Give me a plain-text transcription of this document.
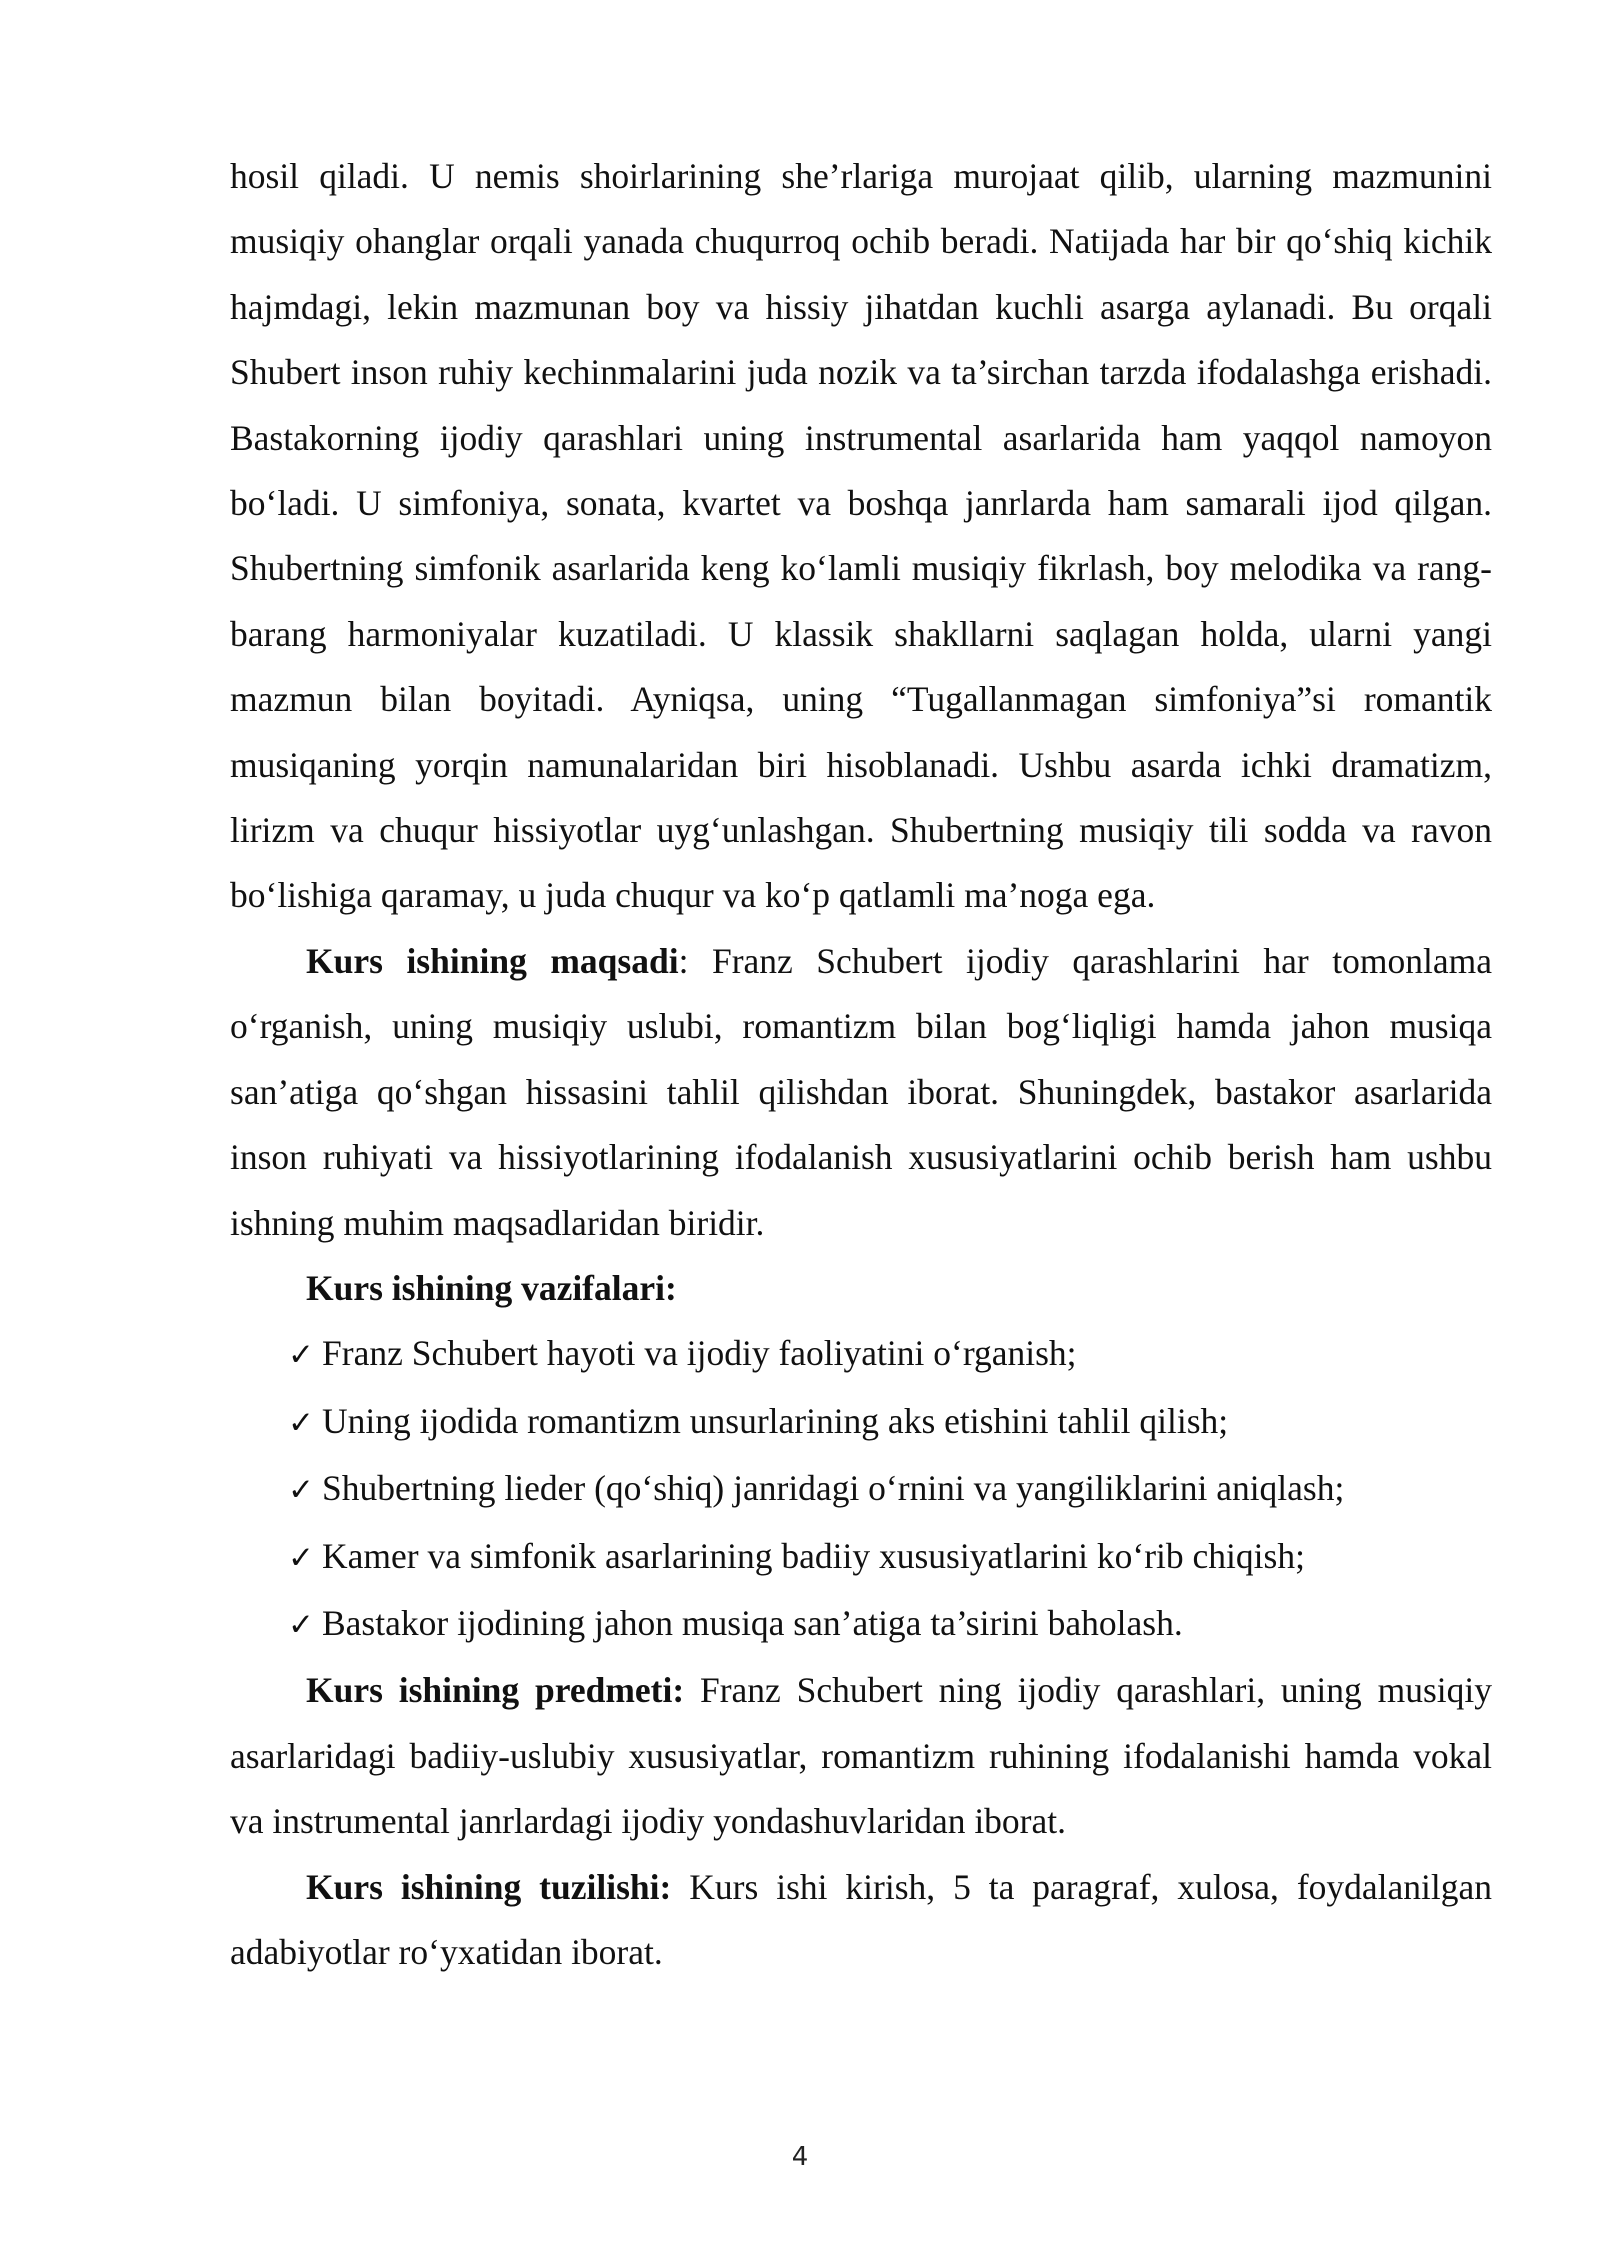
hosil qiladi. U nemis shoirlarining she’rlariga murojaat qilib, ularning mazmunini musiqiy ohanglar orqali yanada chuqurroq ochib beradi. Natijada har bir qo‘shiq kichik hajmdagi, lekin mazmunan boy va hissiy jihatdan kuchli asarga aylanadi. Bu orqali Shubert inson ruhiy kechinmalarini juda nozik va ta’sirchan tarzda ifodalashga erishadi. Bastakorning ijodiy qarashlari uning instrumental asarlarida ham yaqqol namoyon bo‘ladi. U simfoniya, sonata, kvartet va boshqa janrlarda ham samarali ijod qilgan. Shubertning simfonik asarlarida keng ko‘lamli musiqiy fikrlash, boy melodika va rang-barang harmoniyalar kuzatiladi. U klassik shakllarni saqlagan holda, ularni yangi mazmun bilan boyitadi. Ayniqsa, uning “Tugallanmagan simfoniya”si romantik musiqaning yorqin namunalaridan biri hisoblanadi. Ushbu asarda ichki dramatizm, lirizm va chuqur hissiyotlar uyg‘unlashgan. Shubertning musiqiy tili sodda va ravon bo‘lishiga qaramay, u juda chuqur va ko‘p qatlamli ma’noga ega.

Kurs ishining maqsadi: Franz Schubert ijodiy qarashlarini har tomonlama o‘rganish, uning musiqiy uslubi, romantizm bilan bog‘liqligi hamda jahon musiqa san’atiga qo‘shgan hissasini tahlil qilishdan iborat. Shuningdek, bastakor asarlarida inson ruhiyati va hissiyotlarining ifodalanish xususiyatlarini ochib berish ham ushbu ishning muhim maqsadlaridan biridir.

Kurs ishining vazifalari:

✓ Franz Schubert hayoti va ijodiy faoliyatini o‘rganish;
✓ Uning ijodida romantizm unsurlarining aks etishini tahlil qilish;
✓ Shubertning lieder (qo‘shiq) janridagi o‘rnini va yangiliklarini aniqlash;
✓ Kamer va simfonik asarlarining badiiy xususiyatlarini ko‘rib chiqish;
✓ Bastakor ijodining jahon musiqa san’atiga ta’sirini baholash.

Kurs ishining predmeti: Franz Schubert ning ijodiy qarashlari, uning musiqiy asarlaridagi badiiy-uslubiy xususiyatlar, romantizm ruhining ifodalanishi hamda vokal va instrumental janrlardagi ijodiy yondashuvlaridan iborat.

Kurs ishining tuzilishi: Kurs ishi kirish, 5 ta paragraf, xulosa, foydalanilgan adabiyotlar ro‘yxatidan iborat.

4
